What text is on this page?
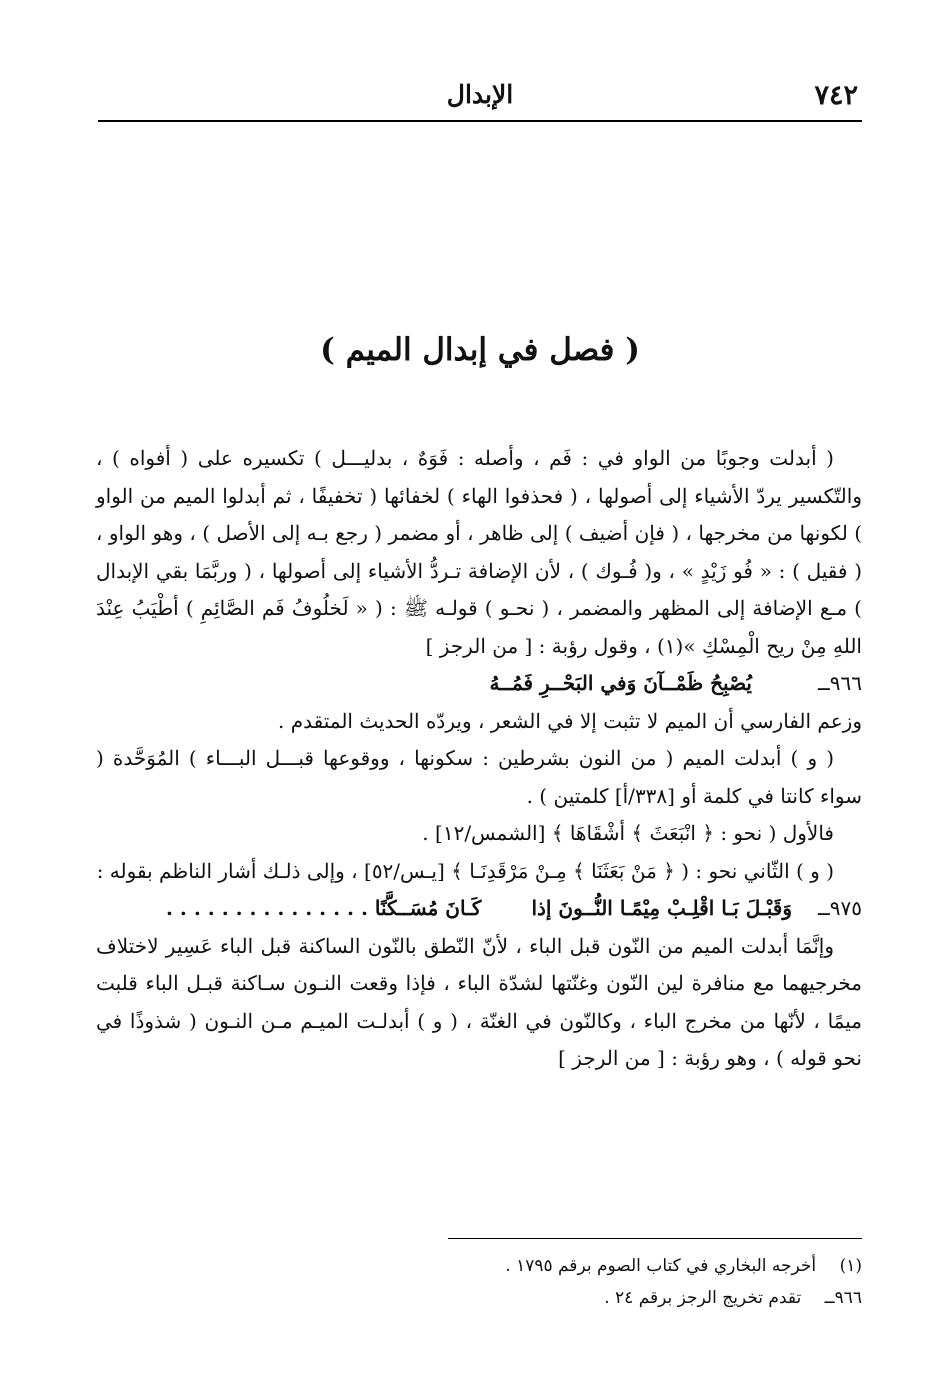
٧٤٢
الإبدال
( فصل في إبدال الميم )

( أبدلت وجوبًا من الواو في : فَم ، وأصله : فَوَهٌ ، بدليـــل ) تكسيره على ( أفواه ) ، والتّكسير يردّ الأشياء إلى أصولها ، ( فحذفوا الهاء ) لخفائها ( تخفيفًا ، ثم أبدلوا الميم من الواو ) لكونها من مخرجها ، ( فإن أضيف ) إلى ظاهر ، أو مضمر ( رجع بـه إلى الأصل ) ، وهو الواو ، ( فقيل ) : « فُو زَيْدٍ » ، و( فُـوك ) ، لأن الإضافة تـردُّ الأشياء إلى أصولها ، ( وربَّمَا بقي الإبدال ) مـع الإضافة إلى المظهر والمضمر ، ( نحـو ) قولـه ﷺ : ( « لَخلُوفُ فَم الصَّائِمِ ) أطْيَبُ عِنْدَ اللهِ مِنْ ريح الْمِسْكِ »(١) ، وقول رؤبة : [ من الرجز ]

٩٦٦ــ
يُصْبِحُ ظَمْــآنَ وَفي البَحْــرِ فَمُــهُ

وزعم الفارسي أن الميم لا تثبت إلا في الشعر ، ويردّه الحديث المتقدم .

( و ) أبدلت الميم ( من النون بشرطين : سكونها ، ووقوعها قبـــل البـــاء ) المُوَحَّدة ( سواء كانتا في كلمة أو [٣٣٨/أ] كلمتين ) .

فالأول ( نحو : ﴿ انْبَعَثَ ﴾ أشْقَاهَا ﴾ [الشمس/١٢] .

( و ) الثّاني نحو : ( ﴿ مَنْ بَعَثَنَا ﴾ مِـنْ مَرْقَدِنَـا ﴾ [يـس/٥٢] ، وإلى ذلـك أشار الناظم بقوله :

٩٧٥ــ
وَقَبْـلَ بَـا اقْلِـبْ مِيْمًـا النُّــونَ إذا
كَـانَ مُسَــكَّنًا . . . . . . . . . . . . . . .

وإنَّمَا أبدلت الميم من النّون قبل الباء ، لأنّ النّطق بالنّون الساكنة قبل الباء عَسِير لاختلاف مخرجيهما مع منافرة لين النّون وغنّتها لشدّة الباء ، فإذا وقعت النـون سـاكنة قبـل الباء قلبت ميمًا ، لأنّها من مخرج الباء ، وكالنّون في الغنّة ، ( و ) أبدلـت الميـم مـن النـون ( شذوذًا في نحو قوله ) ، وهو رؤبة : [ من الرجز ]

(١) أخرجه البخاري في كتاب الصوم برقم ١٧٩٥ .
٩٦٦ــ تقدم تخريج الرجز برقم ٢٤ .
